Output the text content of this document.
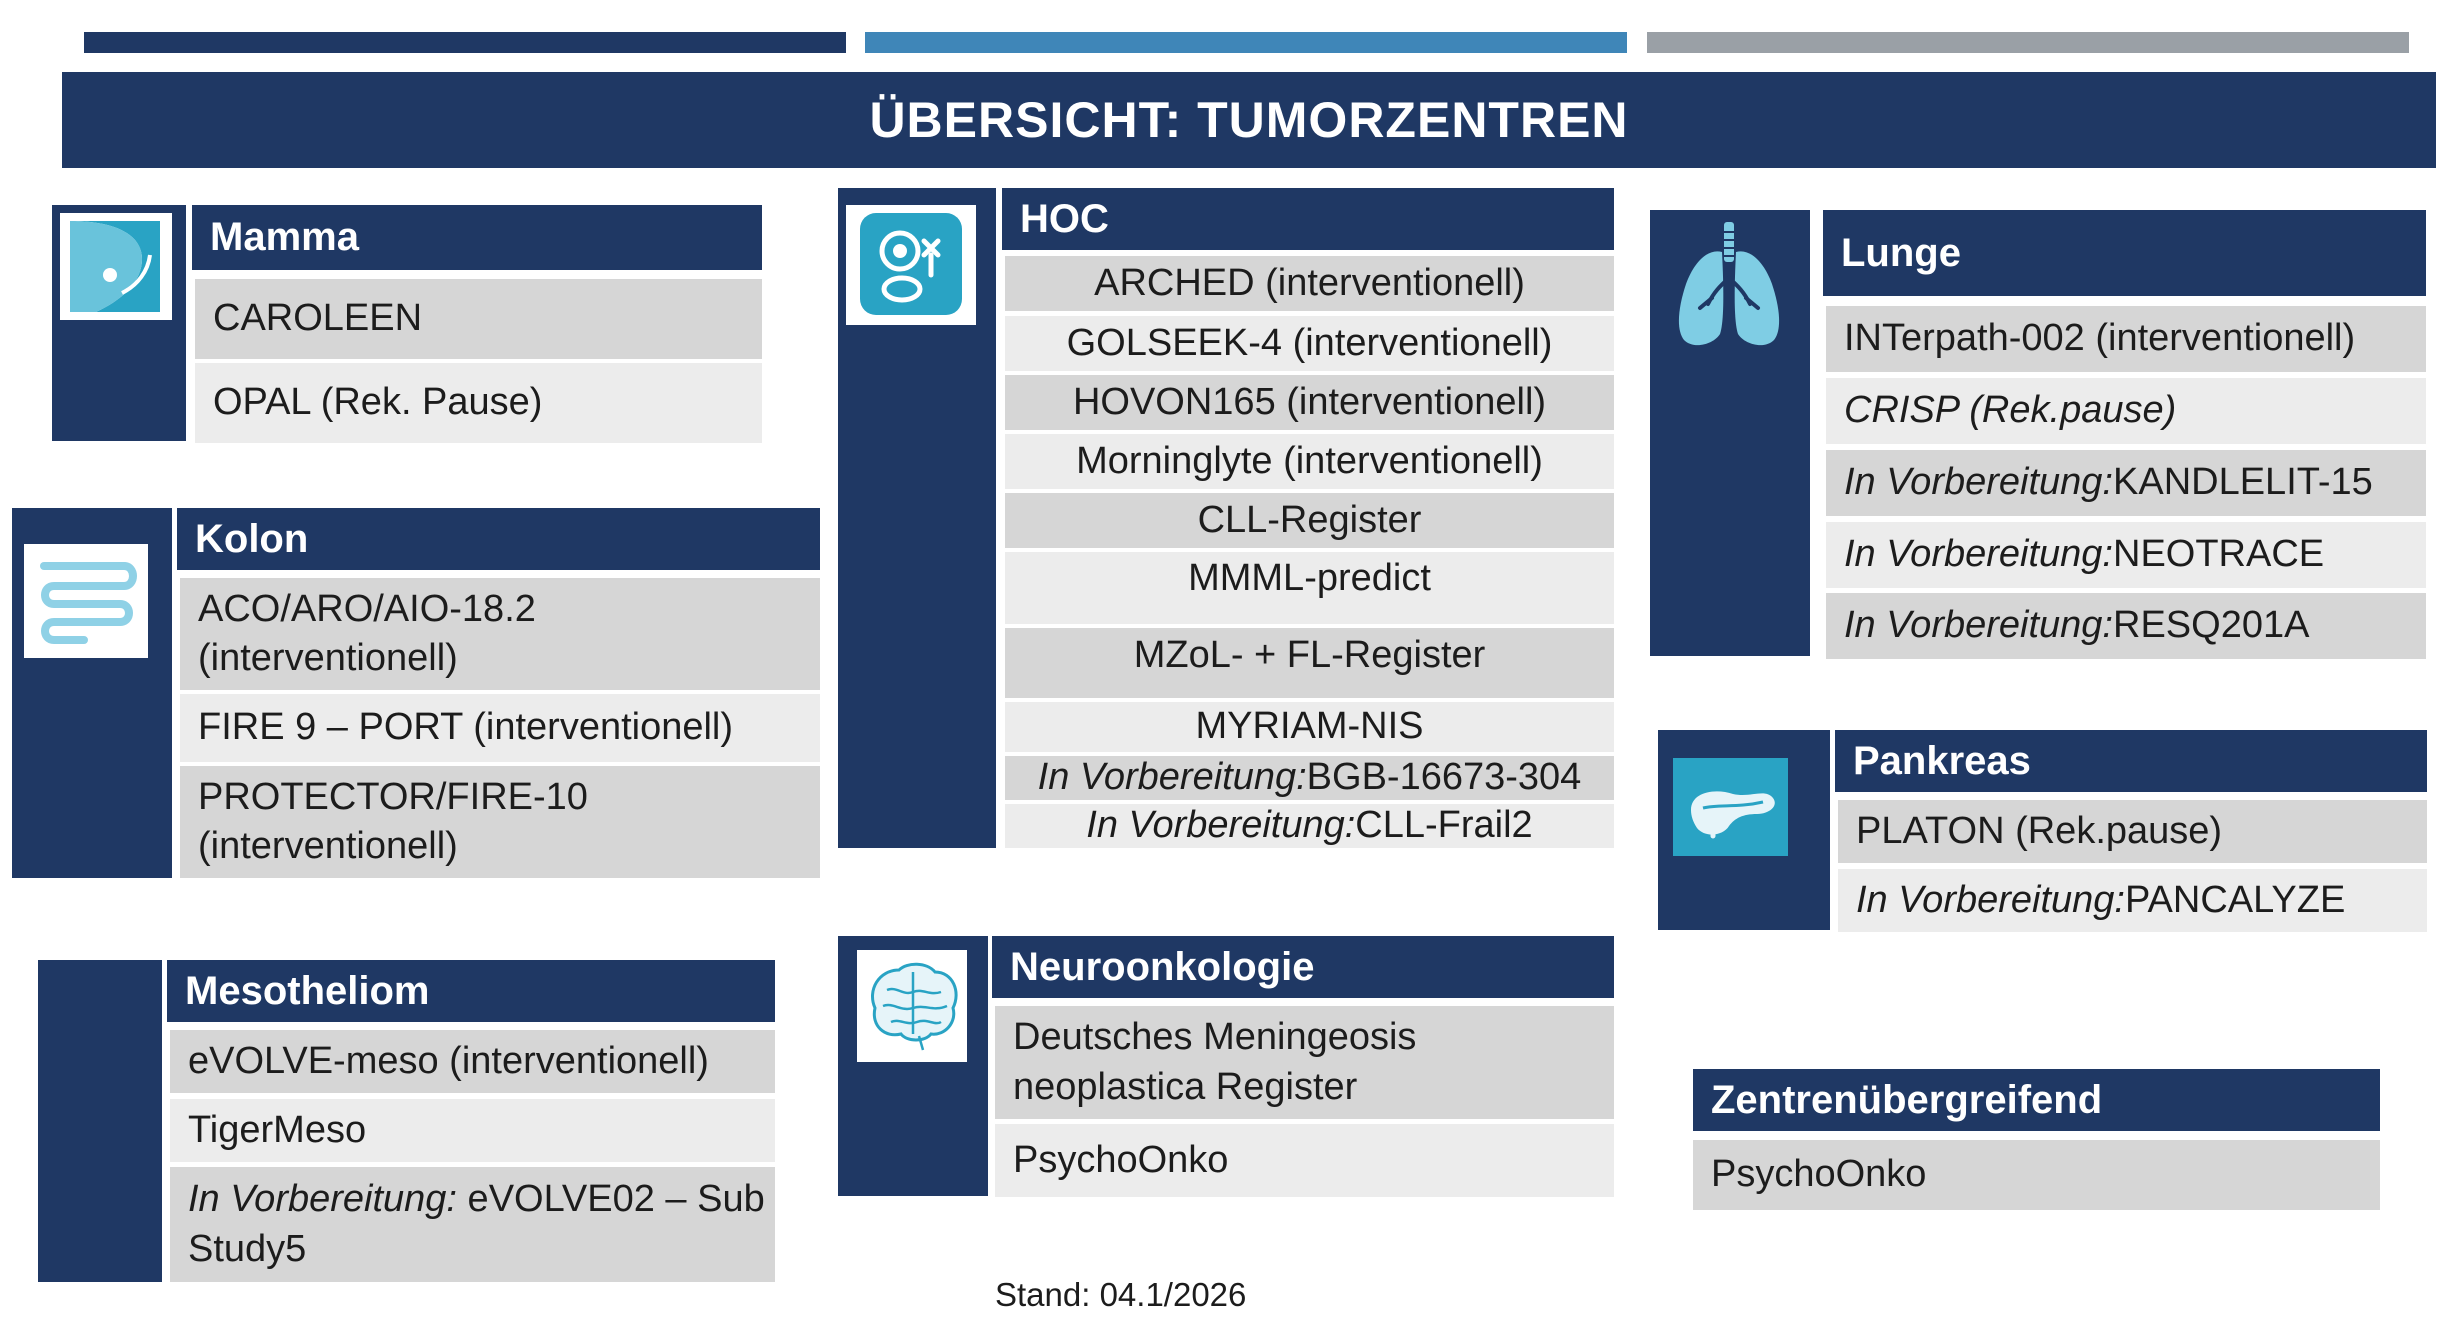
ÜBERSICHT: TUMORZENTREN
Mamma
CAROLEEN
OPAL (Rek. Pause)
Kolon
ACO/ARO/AIO-18.2
(interventionell)
FIRE 9 – PORT (interventionell)
PROTECTOR/FIRE-10
(interventionell)
Mesotheliom
eVOLVE-meso (interventionell)
TigerMeso
In Vorbereitung: eVOLVE02 – Sub
Study5
HOC
ARCHED (interventionell)
GOLSEEK-4 (interventionell)
HOVON165 (interventionell)
Morninglyte (interventionell)
CLL-Register
MMML-predict
MZoL- + FL-Register
MYRIAM-NIS
In Vorbereitung: BGB-16673-304
In Vorbereitung: CLL-Frail2
Neuroonkologie
Deutsches Meningeosis
neoplastica Register
PsychoOnko
Lunge
INTerpath-002 (interventionell)
CRISP (Rek.pause)
In Vorbereitung: KANDLELIT-15
In Vorbereitung: NEOTRACE
In Vorbereitung: RESQ201A
Pankreas
PLATON (Rek.pause)
In Vorbereitung: PANCALYZE
Zentrenübergreifend
PsychoOnko
Stand: 04.1/2026
